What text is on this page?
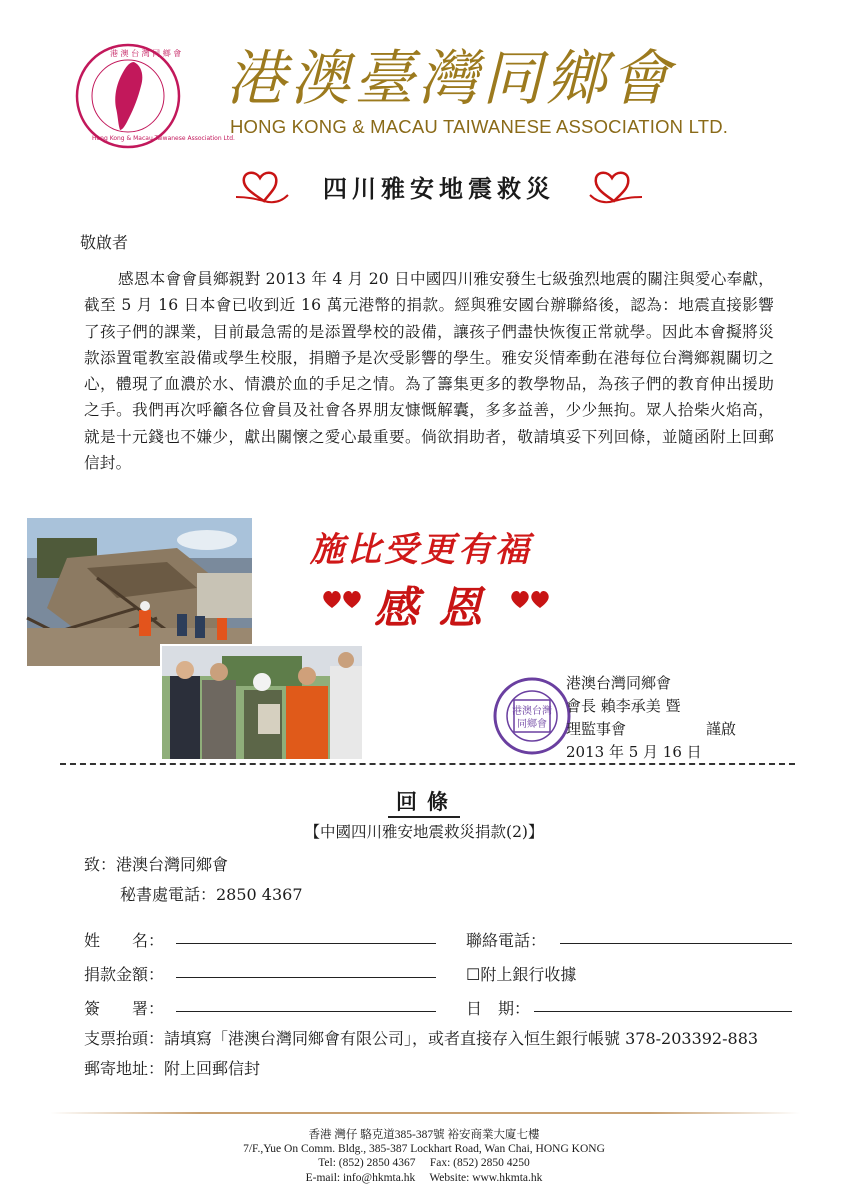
港 澳 台 灣 同 鄉 會
Hong Kong & Macau Taiwanese Association Ltd.
港澳臺灣同鄉會
HONG KONG & MACAU TAIWANESE ASSOCIATION LTD.
四川雅安地震救災
敬啟者
感恩本會會員鄉親對 2013 年 4 月 20 日中國四川雅安發生七級強烈地震的關注與愛心奉獻，截至 5 月 16 日本會已收到近 16 萬元港幣的捐款。經與雅安國台辦聯絡後，認為：地震直接影響了孩子們的課業，目前最急需的是添置學校的設備，讓孩子們盡快恢復正常就學。因此本會擬將災款添置電教室設備或學生校服，捐贈予是次受影響的學生。雅安災情牽動在港每位台灣鄉親關切之心，體現了血濃於水、情濃於血的手足之情。為了籌集更多的教學物品，為孩子們的教育伸出援助之手。我們再次呼籲各位會員及社會各界朋友慷慨解囊，多多益善，少少無拘。眾人拾柴火焰高，就是十元錢也不嫌少，獻出關懷之愛心最重要。倘欲捐助者，敬請填妥下列回條，並隨函附上回郵信封。
施比受更有福
感恩
港澳台灣
同鄉會
港澳台灣同鄉會
會長 賴李承美 暨
理監事會	謹啟
2013 年 5 月 16 日
回條
【中國四川雅安地震救災捐款(2)】
致：港澳台灣同鄉會
秘書處電話：2850 4367
姓　　名：	聯絡電話：
捐款金額：	☐附上銀行收據
簽　　署：	日　期：
支票抬頭：請填寫「港澳台灣同鄉會有限公司」，或者直接存入恒生銀行帳號 378-203392-883
郵寄地址：附上回郵信封
香港 灣仔 駱克道385-387號 裕安商業大廈七樓
7/F.,Yue On Comm. Bldg., 385-387 Lockhart Road, Wan Chai, HONG KONG
Tel: (852) 2850 4367     Fax: (852) 2850 4250
E-mail: info@hkmta.hk     Website: www.hkmta.hk
